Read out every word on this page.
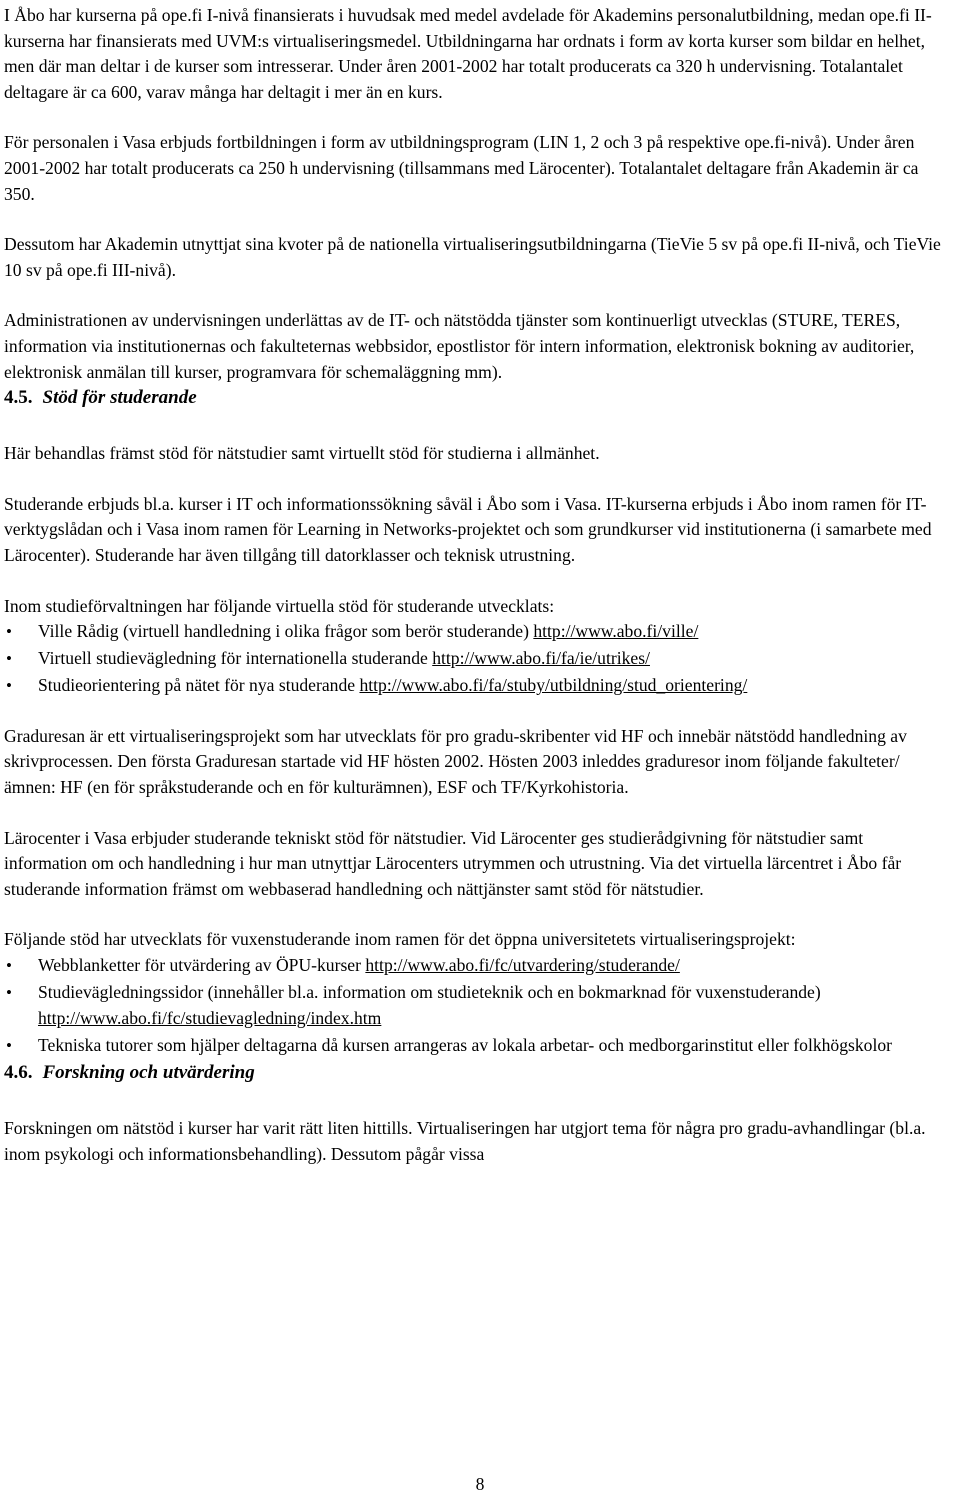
I Åbo har kurserna på ope.fi I-nivå finansierats i huvudsak med medel avdelade för Akademins personalutbildning, medan ope.fi II-kurserna har finansierats med UVM:s virtualiseringsmedel. Utbildningarna har ordnats i form av korta kurser som bildar en helhet, men där man deltar i de kurser som intresserar. Under åren 2001-2002 har totalt producerats ca 320 h undervisning. Totalantalet deltagare är ca 600, varav många har deltagit i mer än en kurs.

För personalen i Vasa erbjuds fortbildningen i form av utbildningsprogram (LIN 1, 2 och 3 på respektive ope.fi-nivå). Under åren 2001-2002 har totalt producerats ca 250 h undervisning (tillsammans med Lärocenter). Totalantalet deltagare från Akademin är ca 350.

Dessutom har Akademin utnyttjat sina kvoter på de nationella virtualiseringsutbildningarna (TieVie 5 sv på ope.fi II-nivå, och TieVie 10 sv på ope.fi III-nivå).

Administrationen av undervisningen underlättas av de IT- och nätstödda tjänster som kontinuerligt utvecklas (STURE, TERES, information via institutionernas och fakulteternas webbsidor, epostlistor för intern information, elektronisk bokning av auditorier, elektronisk anmälan till kurser, programvara för schemaläggning mm).

4.5. Stöd för studerande

Här behandlas främst stöd för nätstudier samt virtuellt stöd för studierna i allmänhet.

Studerande erbjuds bl.a. kurser i IT och informationssökning såväl i Åbo som i Vasa. IT-kurserna erbjuds i Åbo inom ramen för IT-verktygslådan och i Vasa inom ramen för Learning in Networks-projektet och som grundkurser vid institutionerna (i samarbete med Lärocenter). Studerande har även tillgång till datorklasser och teknisk utrustning.

Inom studieförvaltningen har följande virtuella stöd för studerande utvecklats:

• Ville Rådig (virtuell handledning i olika frågor som berör studerande) http://www.abo.fi/ville/
• Virtuell studievägledning för internationella studerande http://www.abo.fi/fa/ie/utrikes/
• Studieorientering på nätet för nya studerande http://www.abo.fi/fa/stuby/utbildning/stud_orientering/

Graduresan är ett virtualiseringsprojekt som har utvecklats för pro gradu-skribenter vid HF och innebär nätstödd handledning av skrivprocessen. Den första Graduresan startade vid HF hösten 2002. Hösten 2003 inleddes graduresor inom följande fakulteter/ämnen: HF (en för språkstuderande och en för kulturämnen), ESF och TF/Kyrkohistoria.

Lärocenter i Vasa erbjuder studerande tekniskt stöd för nätstudier. Vid Lärocenter ges studierådgivning för nätstudier samt information om och handledning i hur man utnyttjar Lärocenters utrymmen och utrustning. Via det virtuella lärcentret i Åbo får studerande information främst om webbaserad handledning och nättjänster samt stöd för nätstudier.

Följande stöd har utvecklats för vuxenstuderande inom ramen för det öppna universitetets virtualiseringsprojekt:

• Webblanketter för utvärdering av ÖPU-kurser http://www.abo.fi/fc/utvardering/studerande/
• Studievägledningssidor (innehåller bl.a. information om studieteknik och en bokmarknad för vuxenstuderande) http://www.abo.fi/fc/studievagledning/index.htm
• Tekniska tutorer som hjälper deltagarna då kursen arrangeras av lokala arbetar- och medborgarinstitut eller folkhögskolor
4.6. Forskning och utvärdering

Forskningen om nätstöd i kurser har varit rätt liten hittills. Virtualiseringen har utgjort tema för några pro gradu-avhandlingar (bl.a. inom psykologi och informationsbehandling). Dessutom pågår vissa

8
